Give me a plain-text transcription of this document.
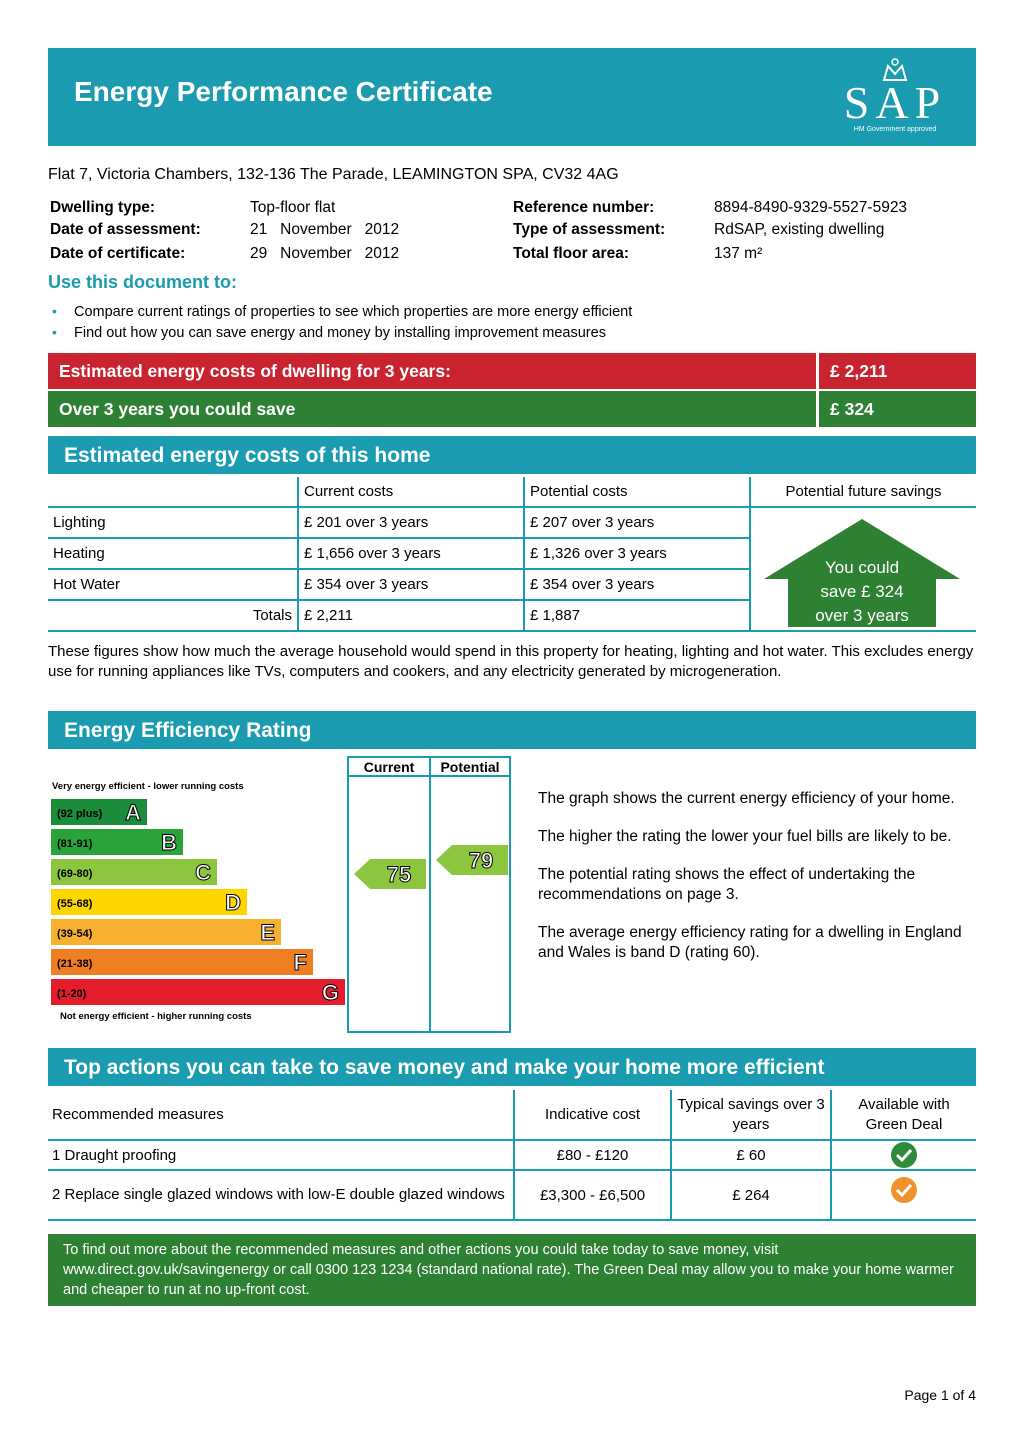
Energy Performance Certificate	SAP
HM Government approved
Flat 7, Victoria Chambers, 132-136 The Parade, LEAMINGTON SPA, CV32 4AG
Dwelling type:	Top-floor flat
Date of assessment:	21   November   2012
Date of certificate:	29   November   2012
Reference number:	8894-8490-9329-5527-5923
Type of assessment:	RdSAP, existing dwelling
Total floor area:	137 m²
Use this document to:
• Compare current ratings of properties to see which properties are more energy efficient
• Find out how you can save energy and money by installing improvement measures
Estimated energy costs of dwelling for 3 years:	£ 2,211
Over 3 years you could save	£ 324
Estimated energy costs of this home
	Current costs	Potential costs	Potential future savings
Lighting	£ 201 over 3 years	£ 207 over 3 years	
Heating	£ 1,656 over 3 years	£ 1,326 over 3 years	
Hot Water	£ 354 over 3 years	£ 354 over 3 years	
Totals	£ 2,211	£ 1,887	
You could
save £ 324
over 3 years
These figures show how much the average household would spend in this property for heating, lighting and hot water. This excludes energy use for running appliances like TVs, computers and cookers, and any electricity generated by microgeneration.
Energy Efficiency Rating
Current Potential
Very energy efficient - lower running costs
Not energy efficient - higher running costs
(92 plus) A
(81-91)	B
(69-80)	C
(55-68)	D
(39-54)	E
(21-38)	F
(1-20)	G
75
79

The graph shows the current energy efficiency of your home.

The higher the rating the lower your fuel bills are likely to be.

The potential rating shows the effect of undertaking the recommendations on page 3.

The average energy efficiency rating for a dwelling in England and Wales is band D (rating 60).

Top actions you can take to save money and make your home more efficient
Recommended measures	Indicative cost	Typical savings over 3 years	Available with Green Deal
1 Draught proofing	£80 - £120	£ 60	
2 Replace single glazed windows with low-E double glazed windows	£3,300 - £6,500	£ 264	
To find out more about the recommended measures and other actions you could take today to save money, visit www.direct.gov.uk/savingenergy or call 0300 123 1234 (standard national rate). The Green Deal may allow you to make your home warmer and cheaper to run at no up-front cost.
Page 1 of 4
